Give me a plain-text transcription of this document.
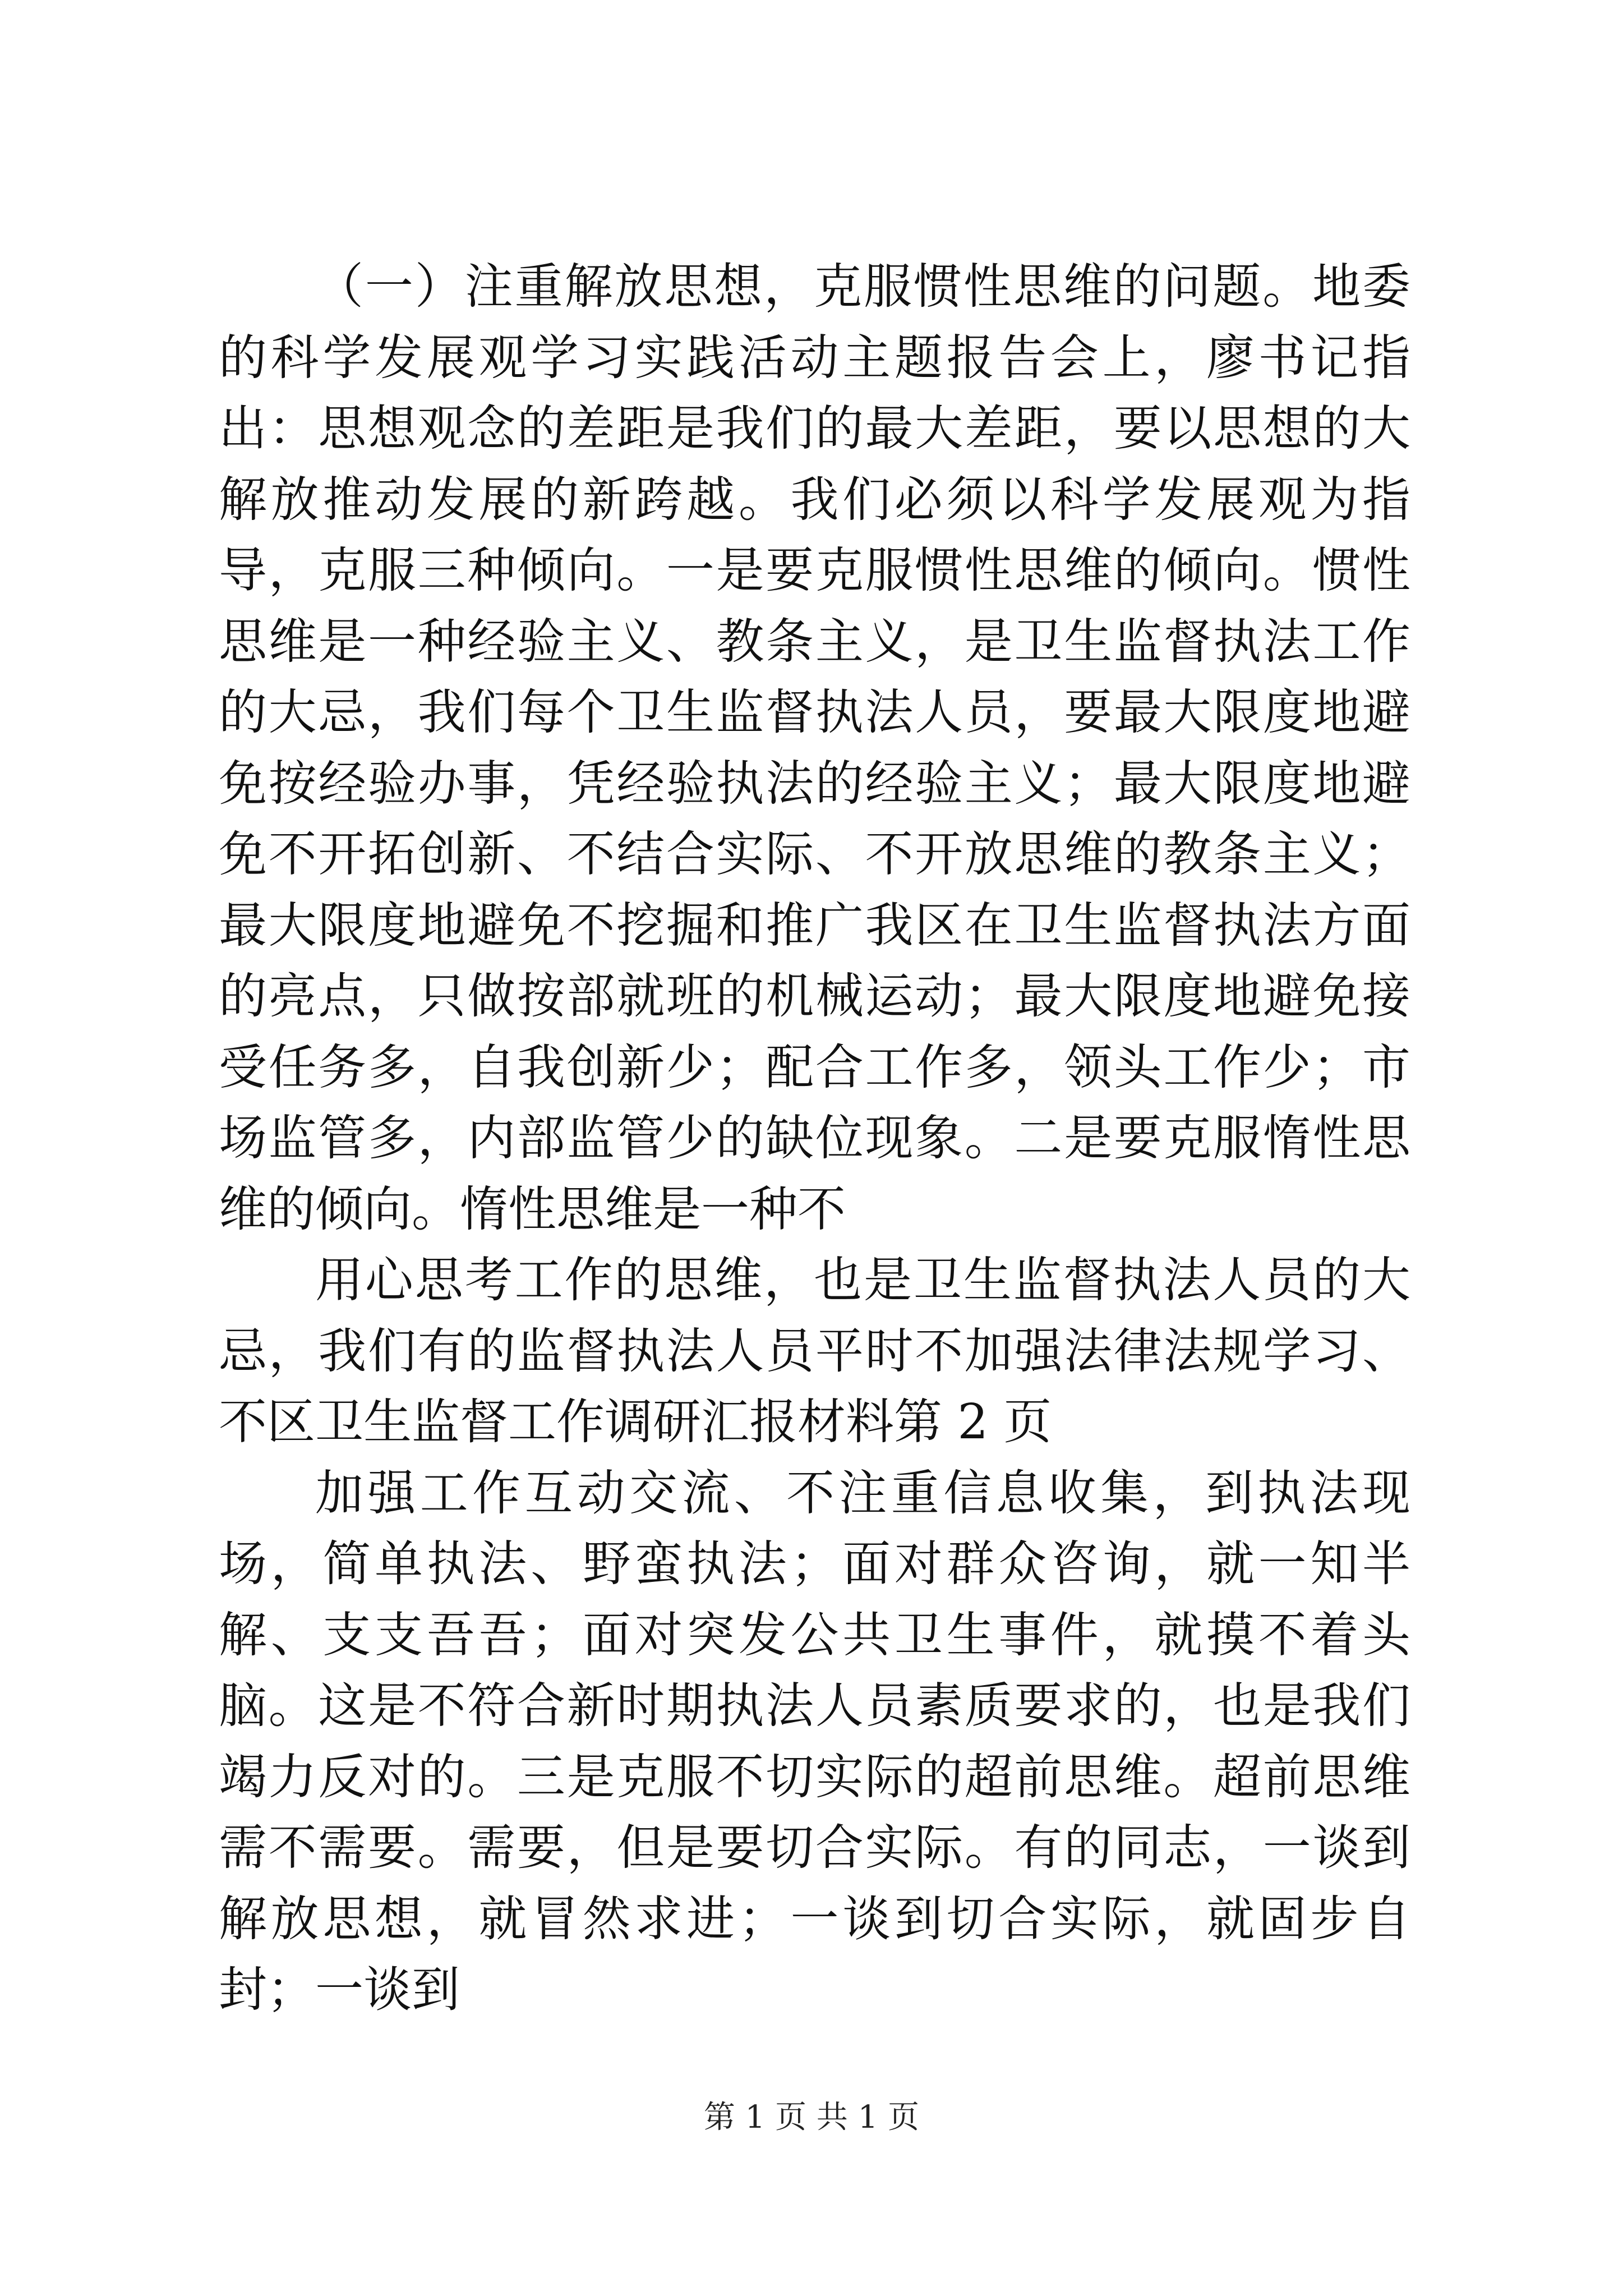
（一）注重解放思想，克服惯性思维的问题。地委的科学发展观学习实践活动主题报告会上，廖书记指出：思想观念的差距是我们的最大差距，要以思想的大解放推动发展的新跨越。我们必须以科学发展观为指导，克服三种倾向。一是要克服惯性思维的倾向。惯性思维是一种经验主义、教条主义，是卫生监督执法工作的大忌，我们每个卫生监督执法人员，要最大限度地避免按经验办事，凭经验执法的经验主义；最大限度地避免不开拓创新、不结合实际、不开放思维的教条主义；最大限度地避免不挖掘和推广我区在卫生监督执法方面的亮点，只做按部就班的机械运动；最大限度地避免接受任务多，自我创新少；配合工作多，领头工作少；市场监管多，内部监管少的缺位现象。二是要克服惰性思维的倾向。惰性思维是一种不

用心思考工作的思维，也是卫生监督执法人员的大忌，我们有的监督执法人员平时不加强法律法规学习、不区卫生监督工作调研汇报材料第 2 页

加强工作互动交流、不注重信息收集，到执法现场，简单执法、野蛮执法；面对群众咨询，就一知半解、支支吾吾；面对突发公共卫生事件，就摸不着头脑。这是不符合新时期执法人员素质要求的，也是我们竭力反对的。三是克服不切实际的超前思维。超前思维需不需要。需要，但是要切合实际。有的同志，一谈到解放思想，就冒然求进；一谈到切合实际，就固步自封；一谈到

第 1 页 共 1 页
